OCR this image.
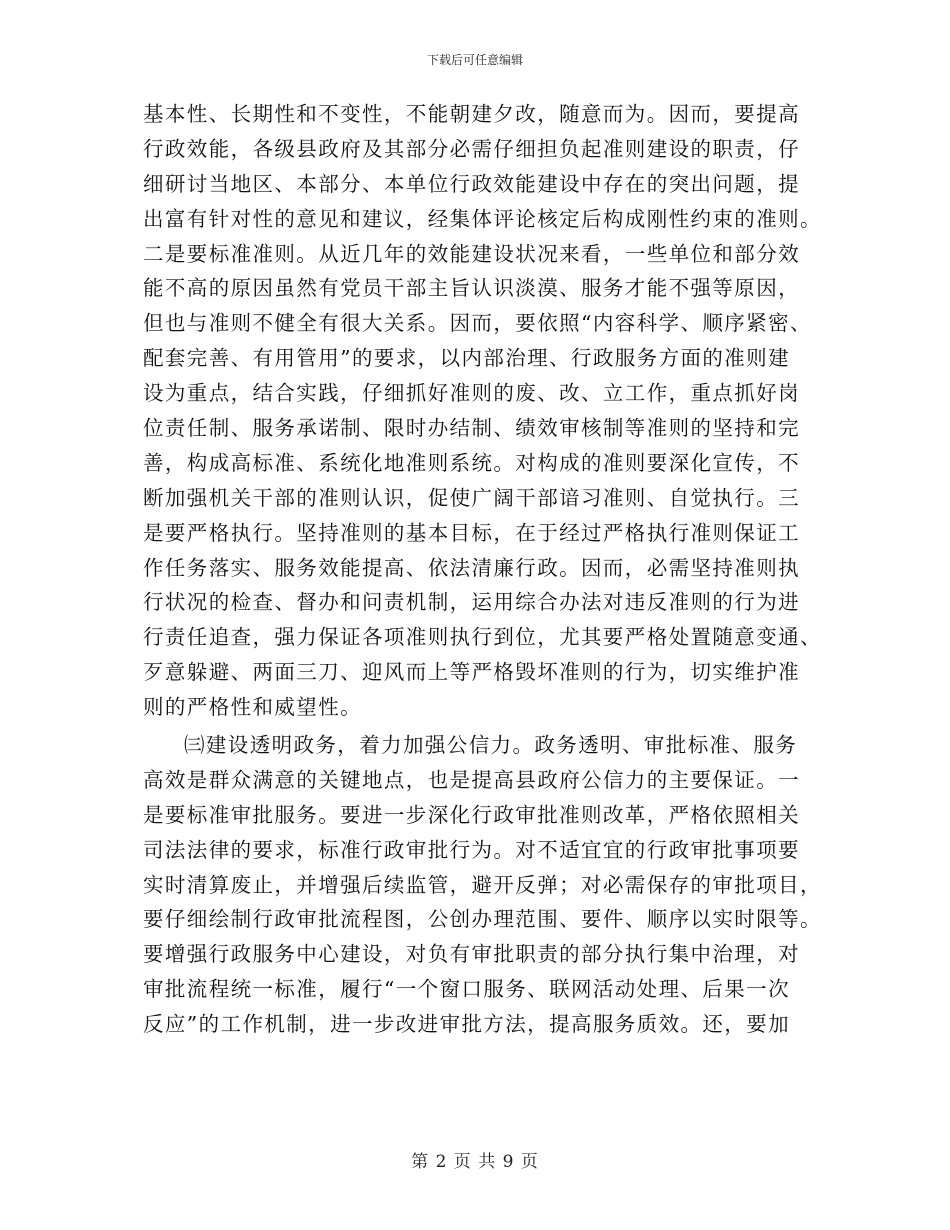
下载后可任意编辑
基本性、长期性和不变性，不能朝建夕改，随意而为。因而，要提高
行政效能，各级县政府及其部分必需仔细担负起准则建设的职责，仔
细研讨当地区、本部分、本单位行政效能建设中存在的突出问题，提
出富有针对性的意见和建议，经集体评论核定后构成刚性约束的准则。
二是要标准准则。从近几年的效能建设状况来看，一些单位和部分效
能不高的原因虽然有党员干部主旨认识淡漠、服务才能不强等原因，
但也与准则不健全有很大关系。因而，要依照“内容科学、顺序紧密、
配套完善、有用管用”的要求，以内部治理、行政服务方面的准则建
设为重点，结合实践，仔细抓好准则的废、改、立工作，重点抓好岗
位责任制、服务承诺制、限时办结制、绩效审核制等准则的坚持和完
善，构成高标准、系统化地准则系统。对构成的准则要深化宣传，不
断加强机关干部的准则认识，促使广阔干部谙习准则、自觉执行。三
是要严格执行。坚持准则的基本目标，在于经过严格执行准则保证工
作任务落实、服务效能提高、依法清廉行政。因而，必需坚持准则执
行状况的检查、督办和问责机制，运用综合办法对违反准则的行为进
行责任追查，强力保证各项准则执行到位，尤其要严格处置随意变通、
歹意躲避、两面三刀、迎风而上等严格毁坏准则的行为，切实维护准
则的严格性和威望性。
㈢建设透明政务，着力加强公信力。政务透明、审批标准、服务
高效是群众满意的关键地点，也是提高县政府公信力的主要保证。一
是要标准审批服务。要进一步深化行政审批准则改革，严格依照相关
司法法律的要求，标准行政审批行为。对不适宜宜的行政审批事项要
实时清算废止，并增强后续监管，避开反弹；对必需保存的审批项目，
要仔细绘制行政审批流程图，公创办理范围、要件、顺序以实时限等。
要增强行政服务中心建设，对负有审批职责的部分执行集中治理，对
审批流程统一标准，履行“一个窗口服务、联网活动处理、后果一次
反应”的工作机制，进一步改进审批方法，提高服务质效。还，要加
第 2 页 共 9 页
